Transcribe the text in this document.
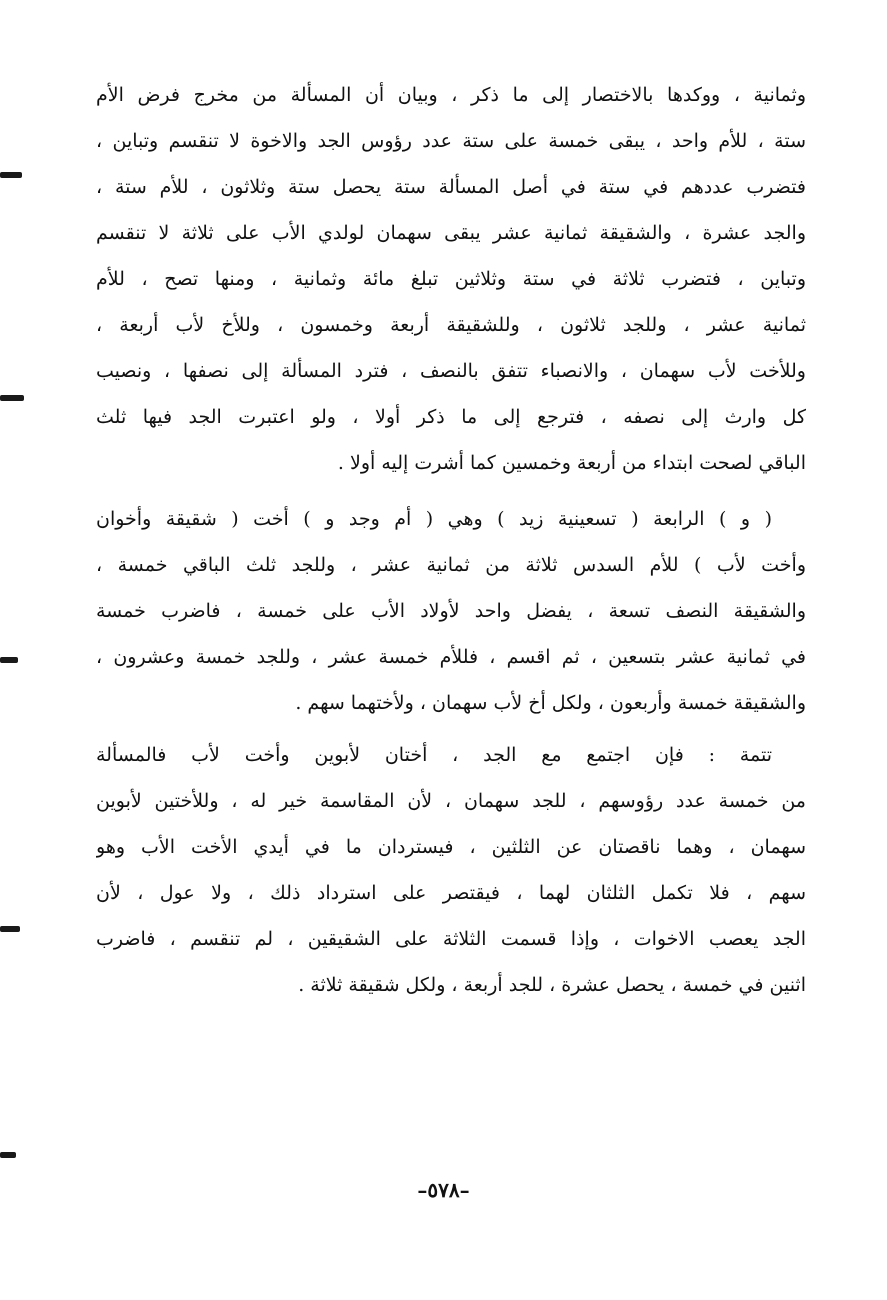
وثمانية ، ووكدها بالاختصار إلى ما ذكر ، وبيان أن المسألة من مخرج فرض الأم
ستة ، للأم واحد ، يبقى خمسة على ستة عدد رؤوس الجد والاخوة لا تنقسم وتباين ،
فتضرب عددهم في ستة في أصل المسألة ستة يحصل ستة وثلاثون ، للأم ستة ،
والجد عشرة ، والشقيقة ثمانية عشر يبقى سهمان لولدي الأب على ثلاثة لا تنقسم
وتباين ، فتضرب ثلاثة في ستة وثلاثين تبلغ مائة وثمانية ، ومنها تصح ، للأم
ثمانية عشر ، وللجد ثلاثون ، وللشقيقة أربعة وخمسون ، وللأخ لأب أربعة ،
وللأخت لأب سهمان ، والانصباء تتفق بالنصف ، فترد المسألة إلى نصفها ، ونصيب
كل وارث إلى نصفه ، فترجع إلى ما ذكر أولا ، ولو اعتبرت الجد فيها ثلث
الباقي لصحت ابتداء من أربعة وخمسين كما أشرت إليه أولا .
( و ) الرابعة ( تسعينية زيد ) وهي ( أم وجد و ) أخت ( شقيقة وأخوان
وأخت لأب ) للأم السدس ثلاثة من ثمانية عشر ، وللجد ثلث الباقي خمسة ،
والشقيقة النصف تسعة ، يفضل واحد لأولاد الأب على خمسة ، فاضرب خمسة
في ثمانية عشر بتسعين ، ثم اقسم ، فللأم خمسة عشر ، وللجد خمسة وعشرون ،
والشقيقة خمسة وأربعون ، ولكل أخ لأب سهمان ، ولأختهما سهم .
تتمة : فإن اجتمع مع الجد ، أختان لأبوين وأخت لأب فالمسألة
من خمسة عدد رؤوسهم ، للجد سهمان ، لأن المقاسمة خير له ، وللأختين لأبوين
سهمان ، وهما ناقصتان عن الثلثين ، فيستردان ما في أيدي الأخت الأب وهو
سهم ، فلا تكمل الثلثان لهما ، فيقتصر على استرداد ذلك ، ولا عول ، لأن
الجد يعصب الاخوات ، وإذا قسمت الثلاثة على الشقيقين ، لم تنقسم ، فاضرب
اثنين في خمسة ، يحصل عشرة ، للجد أربعة ، ولكل شقيقة ثلاثة .
–٥٧٨–
